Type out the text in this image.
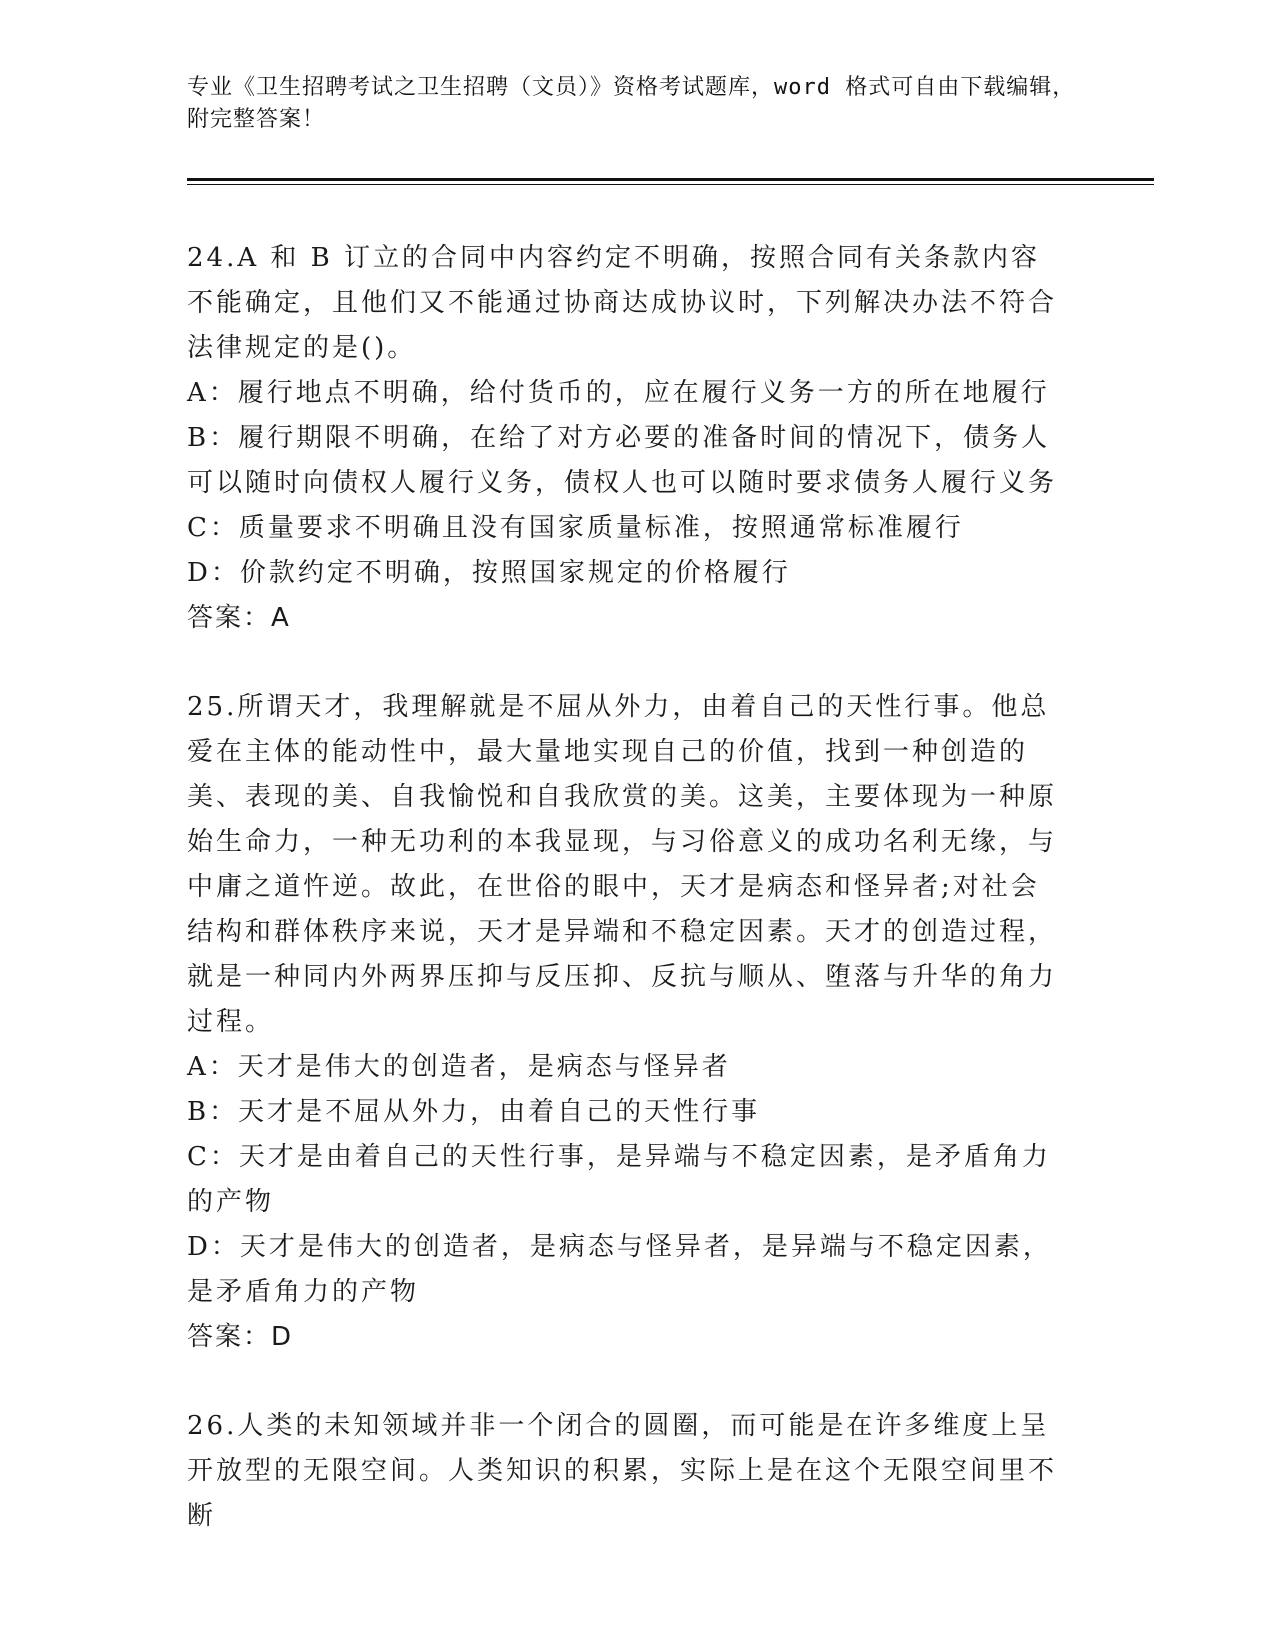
专业《卫生招聘考试之卫生招聘（文员）》资格考试题库，word 格式可自由下载编辑，附完整答案！

24.A 和 B 订立的合同中内容约定不明确，按照合同有关条款内容不能确定，且他们又不能通过协商达成协议时，下列解决办法不符合法律规定的是()。

A：履行地点不明确，给付货币的，应在履行义务一方的所在地履行

B：履行期限不明确，在给了对方必要的准备时间的情况下，债务人可以随时向债权人履行义务，债权人也可以随时要求债务人履行义务

C：质量要求不明确且没有国家质量标准，按照通常标准履行

D：价款约定不明确，按照国家规定的价格履行

答案：A

25.所谓天才，我理解就是不屈从外力，由着自己的天性行事。他总爱在主体的能动性中，最大量地实现自己的价值，找到一种创造的美、表现的美、自我愉悦和自我欣赏的美。这美，主要体现为一种原始生命力，一种无功利的本我显现，与习俗意义的成功名利无缘，与中庸之道忤逆。故此，在世俗的眼中，天才是病态和怪异者;对社会结构和群体秩序来说，天才是异端和不稳定因素。天才的创造过程，就是一种同内外两界压抑与反压抑、反抗与顺从、堕落与升华的角力过程。

A：天才是伟大的创造者，是病态与怪异者

B：天才是不屈从外力，由着自己的天性行事

C：天才是由着自己的天性行事，是异端与不稳定因素，是矛盾角力的产物

D：天才是伟大的创造者，是病态与怪异者，是异端与不稳定因素，是矛盾角力的产物

答案：D

26.人类的未知领域并非一个闭合的圆圈，而可能是在许多维度上呈开放型的无限空间。人类知识的积累，实际上是在这个无限空间里不断
